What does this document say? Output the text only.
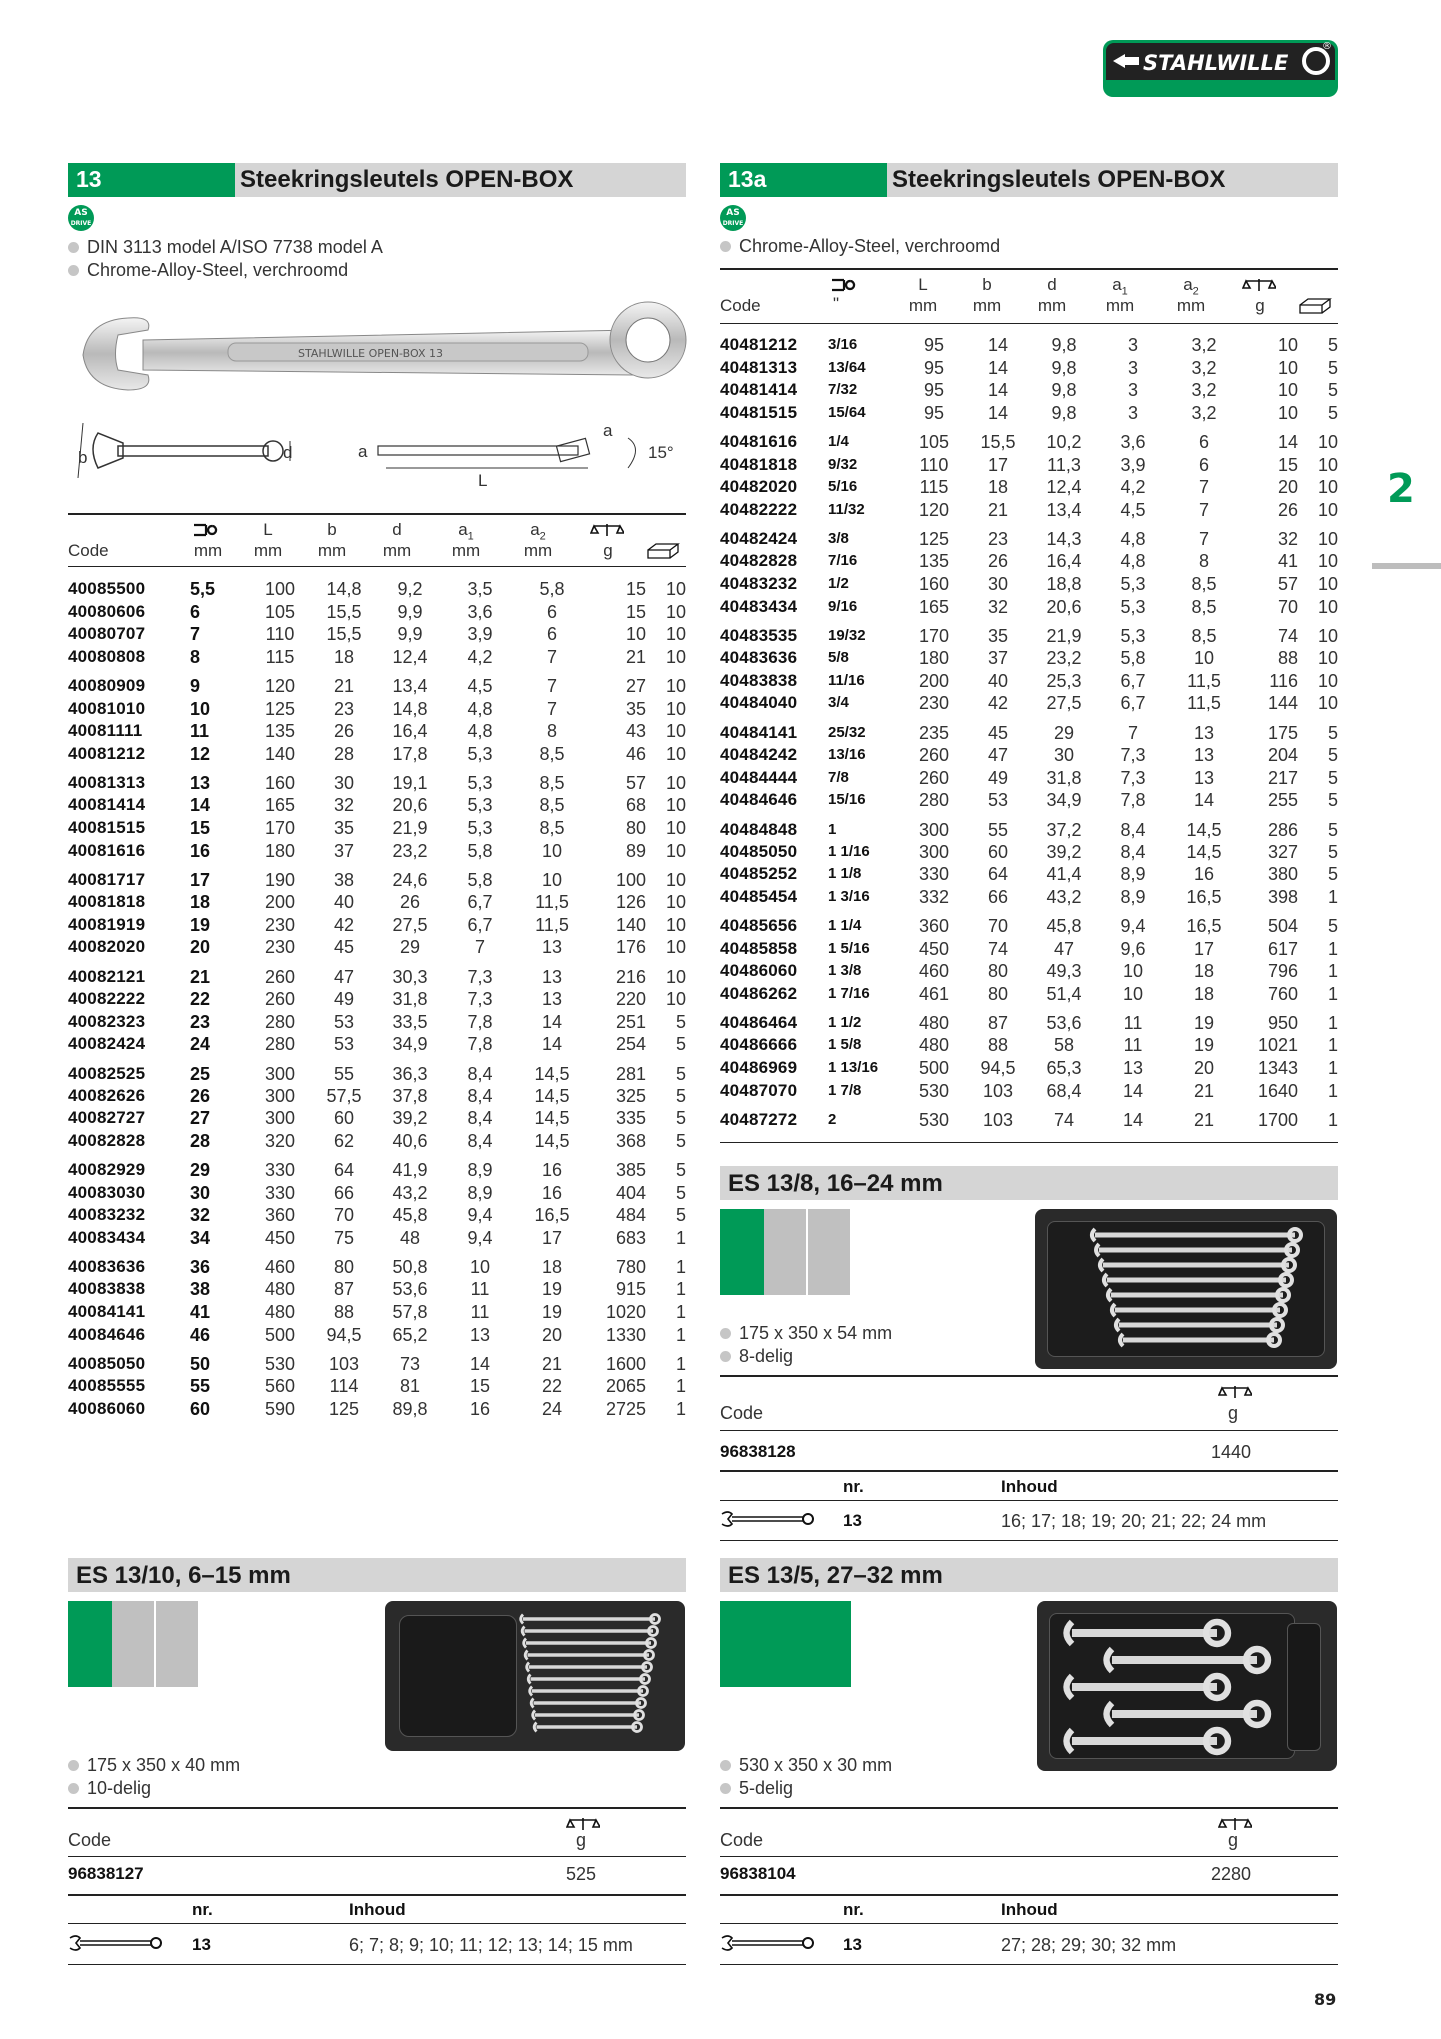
STAHLWILLE
®
2
89
13	Steekringsleutels OPEN-BOX
AS
DRIVE
DIN 3113 model A/ISO 7738 model A
Chrome-Alloy-Steel, verchroomd
STAHLWILLE OPEN-BOX 13
b	d	a
L
a
15°
Code	mm
L
mm
b
mm
d
mm
$a_1$
mm
$a_2$
mm	g
40085500	5,5	100	14,8	9,2	3,5	5,8	15	10
40080606	6	105	15,5	9,9	3,6	6	15	10
40080707	7	110	15,5	9,9	3,9	6	10	10
40080808	8	115	18	12,4	4,2	7	21	10
40080909	9	120	21	13,4	4,5	7	27	10
40081010	10	125	23	14,8	4,8	7	35	10
40081111	11	135	26	16,4	4,8	8	43	10
40081212	12	140	28	17,8	5,3	8,5	46	10
40081313	13	160	30	19,1	5,3	8,5	57	10
40081414	14	165	32	20,6	5,3	8,5	68	10
40081515	15	170	35	21,9	5,3	8,5	80	10
40081616	16	180	37	23,2	5,8	10	89	10
40081717	17	190	38	24,6	5,8	10	100	10
40081818	18	200	40	26	6,7	11,5	126	10
40081919	19	230	42	27,5	6,7	11,5	140	10
40082020	20	230	45	29	7	13	176	10
40082121	21	260	47	30,3	7,3	13	216	10
40082222	22	260	49	31,8	7,3	13	220	10
40082323	23	280	53	33,5	7,8	14	251	5
40082424	24	280	53	34,9	7,8	14	254	5
40082525	25	300	55	36,3	8,4	14,5	281	5
40082626	26	300	57,5	37,8	8,4	14,5	325	5
40082727	27	300	60	39,2	8,4	14,5	335	5
40082828	28	320	62	40,6	8,4	14,5	368	5
40082929	29	330	64	41,9	8,9	16	385	5
40083030	30	330	66	43,2	8,9	16	404	5
40083232	32	360	70	45,8	9,4	16,5	484	5
40083434	34	450	75	48	9,4	17	683	1
40083636	36	460	80	50,8	10	18	780	1
40083838	38	480	87	53,6	11	19	915	1
40084141	41	480	88	57,8	11	19	1020	1
40084646	46	500	94,5	65,2	13	20	1330	1
40085050	50	530	103	73	14	21	1600	1
40085555	55	560	114	81	15	22	2065	1
40086060	60	590	125	89,8	16	24	2725	1
ES 13/10, 6–15 mm
175 x 350 x 40 mm
10-delig
Code	g
96838127	525
nr.	Inhoud
13	6; 7; 8; 9; 10; 11; 12; 13; 14; 15 mm
13a	Steekringsleutels OPEN-BOX
AS
DRIVE
Chrome-Alloy-Steel, verchroomd
Code	"
L
mm
b
mm
d
mm
$a_1$
mm
$a_2$
mm	g
40481212	3/16	95	14	9,8	3	3,2	10	5
40481313	13/64	95	14	9,8	3	3,2	10	5
40481414	7/32	95	14	9,8	3	3,2	10	5
40481515	15/64	95	14	9,8	3	3,2	10	5
40481616	1/4	105	15,5	10,2	3,6	6	14	10
40481818	9/32	110	17	11,3	3,9	6	15	10
40482020	5/16	115	18	12,4	4,2	7	20	10
40482222	11/32	120	21	13,4	4,5	7	26	10
40482424	3/8	125	23	14,3	4,8	7	32	10
40482828	7/16	135	26	16,4	4,8	8	41	10
40483232	1/2	160	30	18,8	5,3	8,5	57	10
40483434	9/16	165	32	20,6	5,3	8,5	70	10
40483535	19/32	170	35	21,9	5,3	8,5	74	10
40483636	5/8	180	37	23,2	5,8	10	88	10
40483838	11/16	200	40	25,3	6,7	11,5	116	10
40484040	3/4	230	42	27,5	6,7	11,5	144	10
40484141	25/32	235	45	29	7	13	175	5
40484242	13/16	260	47	30	7,3	13	204	5
40484444	7/8	260	49	31,8	7,3	13	217	5
40484646	15/16	280	53	34,9	7,8	14	255	5
40484848	1	300	55	37,2	8,4	14,5	286	5
40485050	1 1/16	300	60	39,2	8,4	14,5	327	5
40485252	1 1/8	330	64	41,4	8,9	16	380	5
40485454	1 3/16	332	66	43,2	8,9	16,5	398	1
40485656	1 1/4	360	70	45,8	9,4	16,5	504	5
40485858	1 5/16	450	74	47	9,6	17	617	1
40486060	1 3/8	460	80	49,3	10	18	796	1
40486262	1 7/16	461	80	51,4	10	18	760	1
40486464	1 1/2	480	87	53,6	11	19	950	1
40486666	1 5/8	480	88	58	11	19	1021	1
40486969	1 13/16	500	94,5	65,3	13	20	1343	1
40487070	1 7/8	530	103	68,4	14	21	1640	1
40487272	2	530	103	74	14	21	1700	1
ES 13/8, 16–24 mm
175 x 350 x 54 mm
8-delig
Code	g
96838128	1440
nr.	Inhoud
13	16; 17; 18; 19; 20; 21; 22; 24 mm
ES 13/5, 27–32 mm
530 x 350 x 30 mm
5-delig
Code	g
96838104	2280
nr.	Inhoud
13	27; 28; 29; 30; 32 mm
